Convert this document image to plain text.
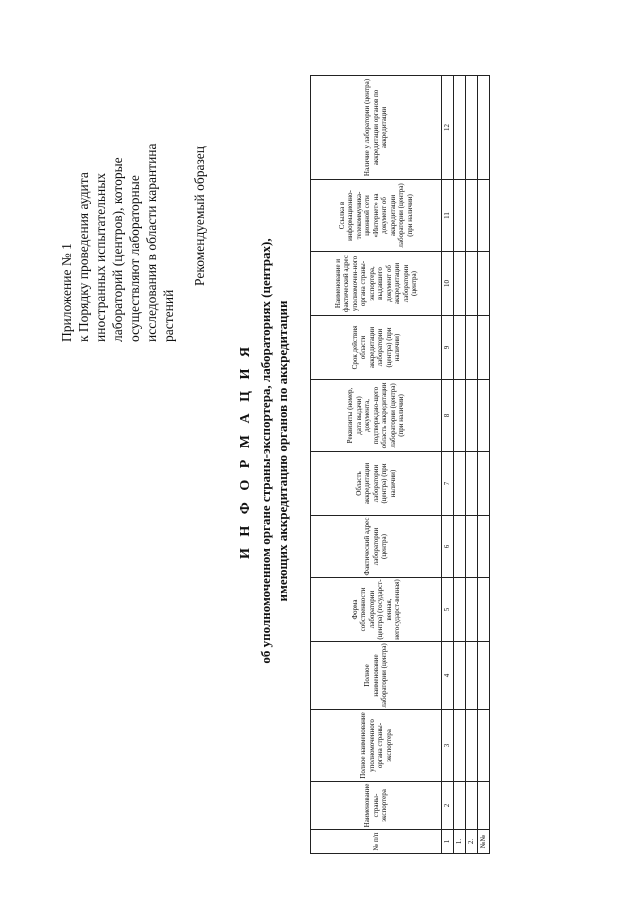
Приложение № 1 к Порядку проведения аудита иностранных испытательных лабораторий (центров), которые осуществляют лабораторные исследования в области карантина растений
Рекомендуемый образец
И Н Ф О Р М А Ц И Я об уполномоченном органе страны-экспортера, лабораториях (центрах), имеющих аккредитацию органов по аккредитации
№ п/п	Наименование страны-экспортера	Полное наименование уполномоченного органа страны-экспортера	Полное наименование лаборатории (центра)	Форма собственности лаборатории (центра) (государст-венная, негосударст-венная)	Фактический адрес лаборатории (центра)	Область аккредитации лаборатории (центра) (при наличии)	Реквизиты (номер, дата выдачи) документа, подтверждаю-щего область аккредитации лаборатории (центра) (при наличии)	Срок действия области аккредитации лаборатории (центра) (при наличии)	Наименование и фактический адрес уполномочен-ного органа страны-экспортера, выдавшего документ об аккредитации лаборатории (центра)	Ссылка в информационно-телекоммуника-ционной сети «Интернет» на документ об аккредитации лаборатории (центра) (при наличии)	Наличие у лаборатории (центра) аккредитации органов по аккредитации
1	2	3	4	5	6	7	8	9	10	11	12
1.											
2.											
№№											
